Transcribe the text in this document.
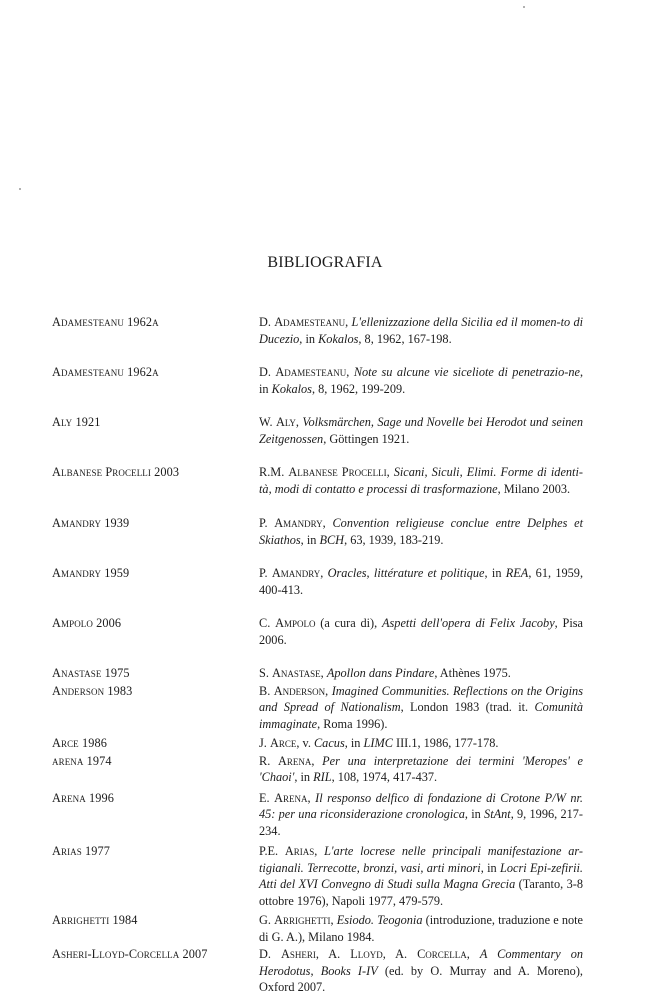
BIBLIOGRAFIA
Adamesteanu 1962a	D. Adamesteanu, L'ellenizzazione della Sicilia ed il momen-to di Ducezio, in Kokalos, 8, 1962, 167-198.
Adamesteanu 1962a	D. Adamesteanu, Note su alcune vie siceliote di penetrazio-ne, in Kokalos, 8, 1962, 199-209.
Aly 1921	W. Aly, Volksmärchen, Sage und Novelle bei Herodot und seinen Zeitgenossen, Göttingen 1921.
Albanese Procelli 2003	R.M. Albanese Procelli, Sicani, Siculi, Elimi. Forme di identi-tà, modi di contatto e processi di trasformazione, Milano 2003.
Amandry 1939	P. Amandry, Convention religieuse conclue entre Delphes et Skiathos, in BCH, 63, 1939, 183-219.
Amandry 1959	P. Amandry, Oracles, littérature et politique, in REA, 61, 1959, 400-413.
Ampolo 2006	C. Ampolo (a cura di), Aspetti dell'opera di Felix Jacoby, Pisa 2006.
Anastase 1975	S. Anastase, Apollon dans Pindare, Athènes 1975.
Anderson 1983	B. Anderson, Imagined Communities. Reflections on the Origins and Spread of Nationalism, London 1983 (trad. it. Comunità immaginate, Roma 1996).
Arce 1986	J. Arce, v. Cacus, in LIMC III.1, 1986, 177-178.
arena 1974	R. Arena, Per una interpretazione dei termini 'Meropes' e 'Chaoi', in RIL, 108, 1974, 417-437.
Arena 1996	E. Arena, Il responso delfico di fondazione di Crotone P/W nr. 45: per una riconsiderazione cronologica, in StAnt, 9, 1996, 217-234.
Arias 1977	P.E. Arias, L'arte locrese nelle principali manifestazione ar-tigianali. Terrecotte, bronzi, vasi, arti minori, in Locri Epi-zefirii. Atti del XVI Convegno di Studi sulla Magna Grecia (Taranto, 3-8 ottobre 1976), Napoli 1977, 479-579.
Arrighetti 1984	G. Arrighetti, Esiodo. Teogonia (introduzione, traduzione e note di G. A.), Milano 1984.
Asheri-Lloyd-Corcella 2007	D. Asheri, A. Lloyd, A. Corcella, A Commentary on Herodotus, Books I-IV (ed. by O. Murray and A. Moreno), Oxford 2007.
